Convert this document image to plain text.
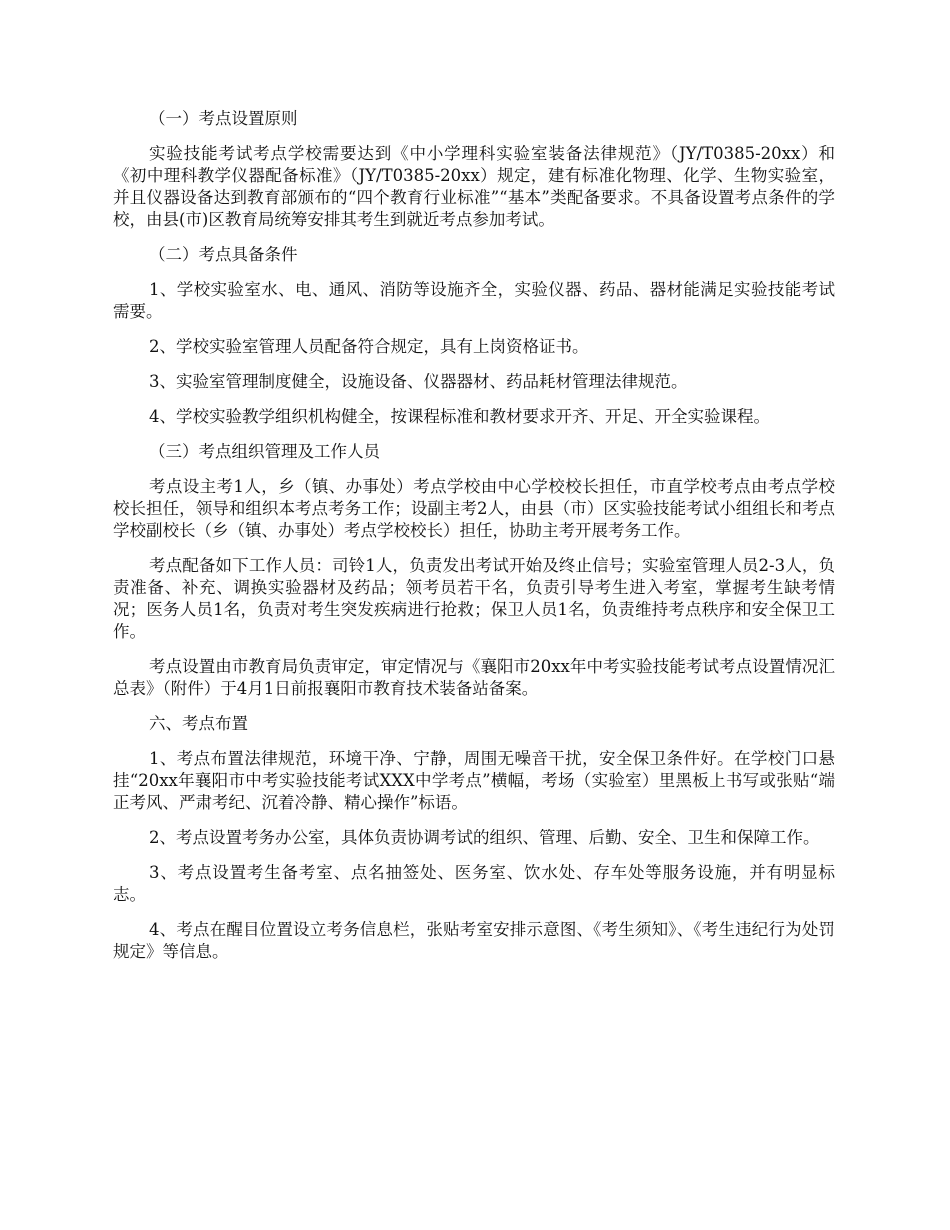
（一）考点设置原则

实验技能考试考点学校需要达到《中小学理科实验室装备法律规范》（JY/T0385-20xx）和《初中理科教学仪器配备标准》（JY/T0385-20xx）规定，建有标准化物理、化学、生物实验室，并且仪器设备达到教育部颁布的“四个教育行业标准”“基本”类配备要求。不具备设置考点条件的学校，由县(市)区教育局统筹安排其考生到就近考点参加考试。

（二）考点具备条件

1、学校实验室水、电、通风、消防等设施齐全，实验仪器、药品、器材能满足实验技能考试需要。

2、学校实验室管理人员配备符合规定，具有上岗资格证书。

3、实验室管理制度健全，设施设备、仪器器材、药品耗材管理法律规范。

4、学校实验教学组织机构健全，按课程标准和教材要求开齐、开足、开全实验课程。

（三）考点组织管理及工作人员

考点设主考1人，乡（镇、办事处）考点学校由中心学校校长担任，市直学校考点由考点学校校长担任，领导和组织本考点考务工作；设副主考2人，由县（市）区实验技能考试小组组长和考点学校副校长（乡（镇、办事处）考点学校校长）担任，协助主考开展考务工作。

考点配备如下工作人员：司铃1人，负责发出考试开始及终止信号；实验室管理人员2-3人，负责准备、补充、调换实验器材及药品；领考员若干名，负责引导考生进入考室，掌握考生缺考情况；医务人员1名，负责对考生突发疾病进行抢救；保卫人员1名，负责维持考点秩序和安全保卫工作。

考点设置由市教育局负责审定，审定情况与《襄阳市20xx年中考实验技能考试考点设置情况汇总表》（附件）于4月1日前报襄阳市教育技术装备站备案。

六、考点布置

1、考点布置法律规范，环境干净、宁静，周围无噪音干扰，安全保卫条件好。在学校门口悬挂“20xx年襄阳市中考实验技能考试XXX中学考点”横幅，考场（实验室）里黑板上书写或张贴“端正考风、严肃考纪、沉着冷静、精心操作”标语。

2、考点设置考务办公室，具体负责协调考试的组织、管理、后勤、安全、卫生和保障工作。

3、考点设置考生备考室、点名抽签处、医务室、饮水处、存车处等服务设施，并有明显标志。

4、考点在醒目位置设立考务信息栏，张贴考室安排示意图、《考生须知》、《考生违纪行为处罚规定》等信息。
